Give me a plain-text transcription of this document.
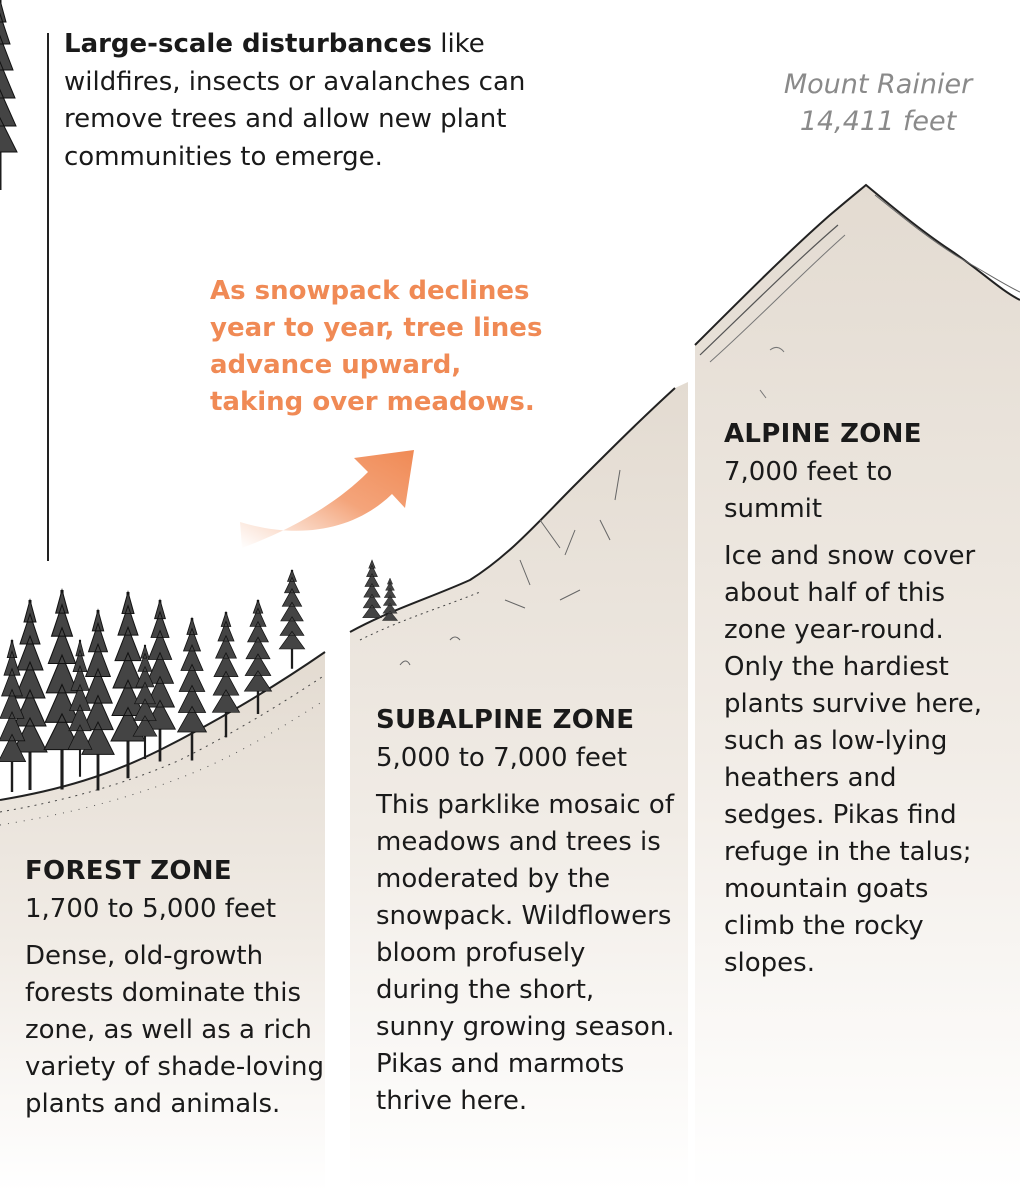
Large-scale disturbances like wildfires, insects or avalanches can remove trees and allow new plant communities to emerge.
Mount Rainier
14,411 feet
As snowpack declines
year to year, tree lines
advance upward,
taking over meadows.
FOREST ZONE
1,700 to 5,000 feet
Dense, old-growth forests dominate this zone, as well as a rich variety of shade-loving plants and animals.
SUBALPINE ZONE
5,000 to 7,000 feet
This parklike mosaic of meadows and trees is moderated by the snowpack. Wildflowers bloom profusely during the short, sunny growing season. Pikas and marmots thrive here.
ALPINE ZONE
7,000 feet to summit
Ice and snow cover about half of this zone year-round. Only the hardiest plants survive here, such as low-lying heathers and sedges. Pikas find refuge in the talus; mountain goats climb the rocky slopes.
